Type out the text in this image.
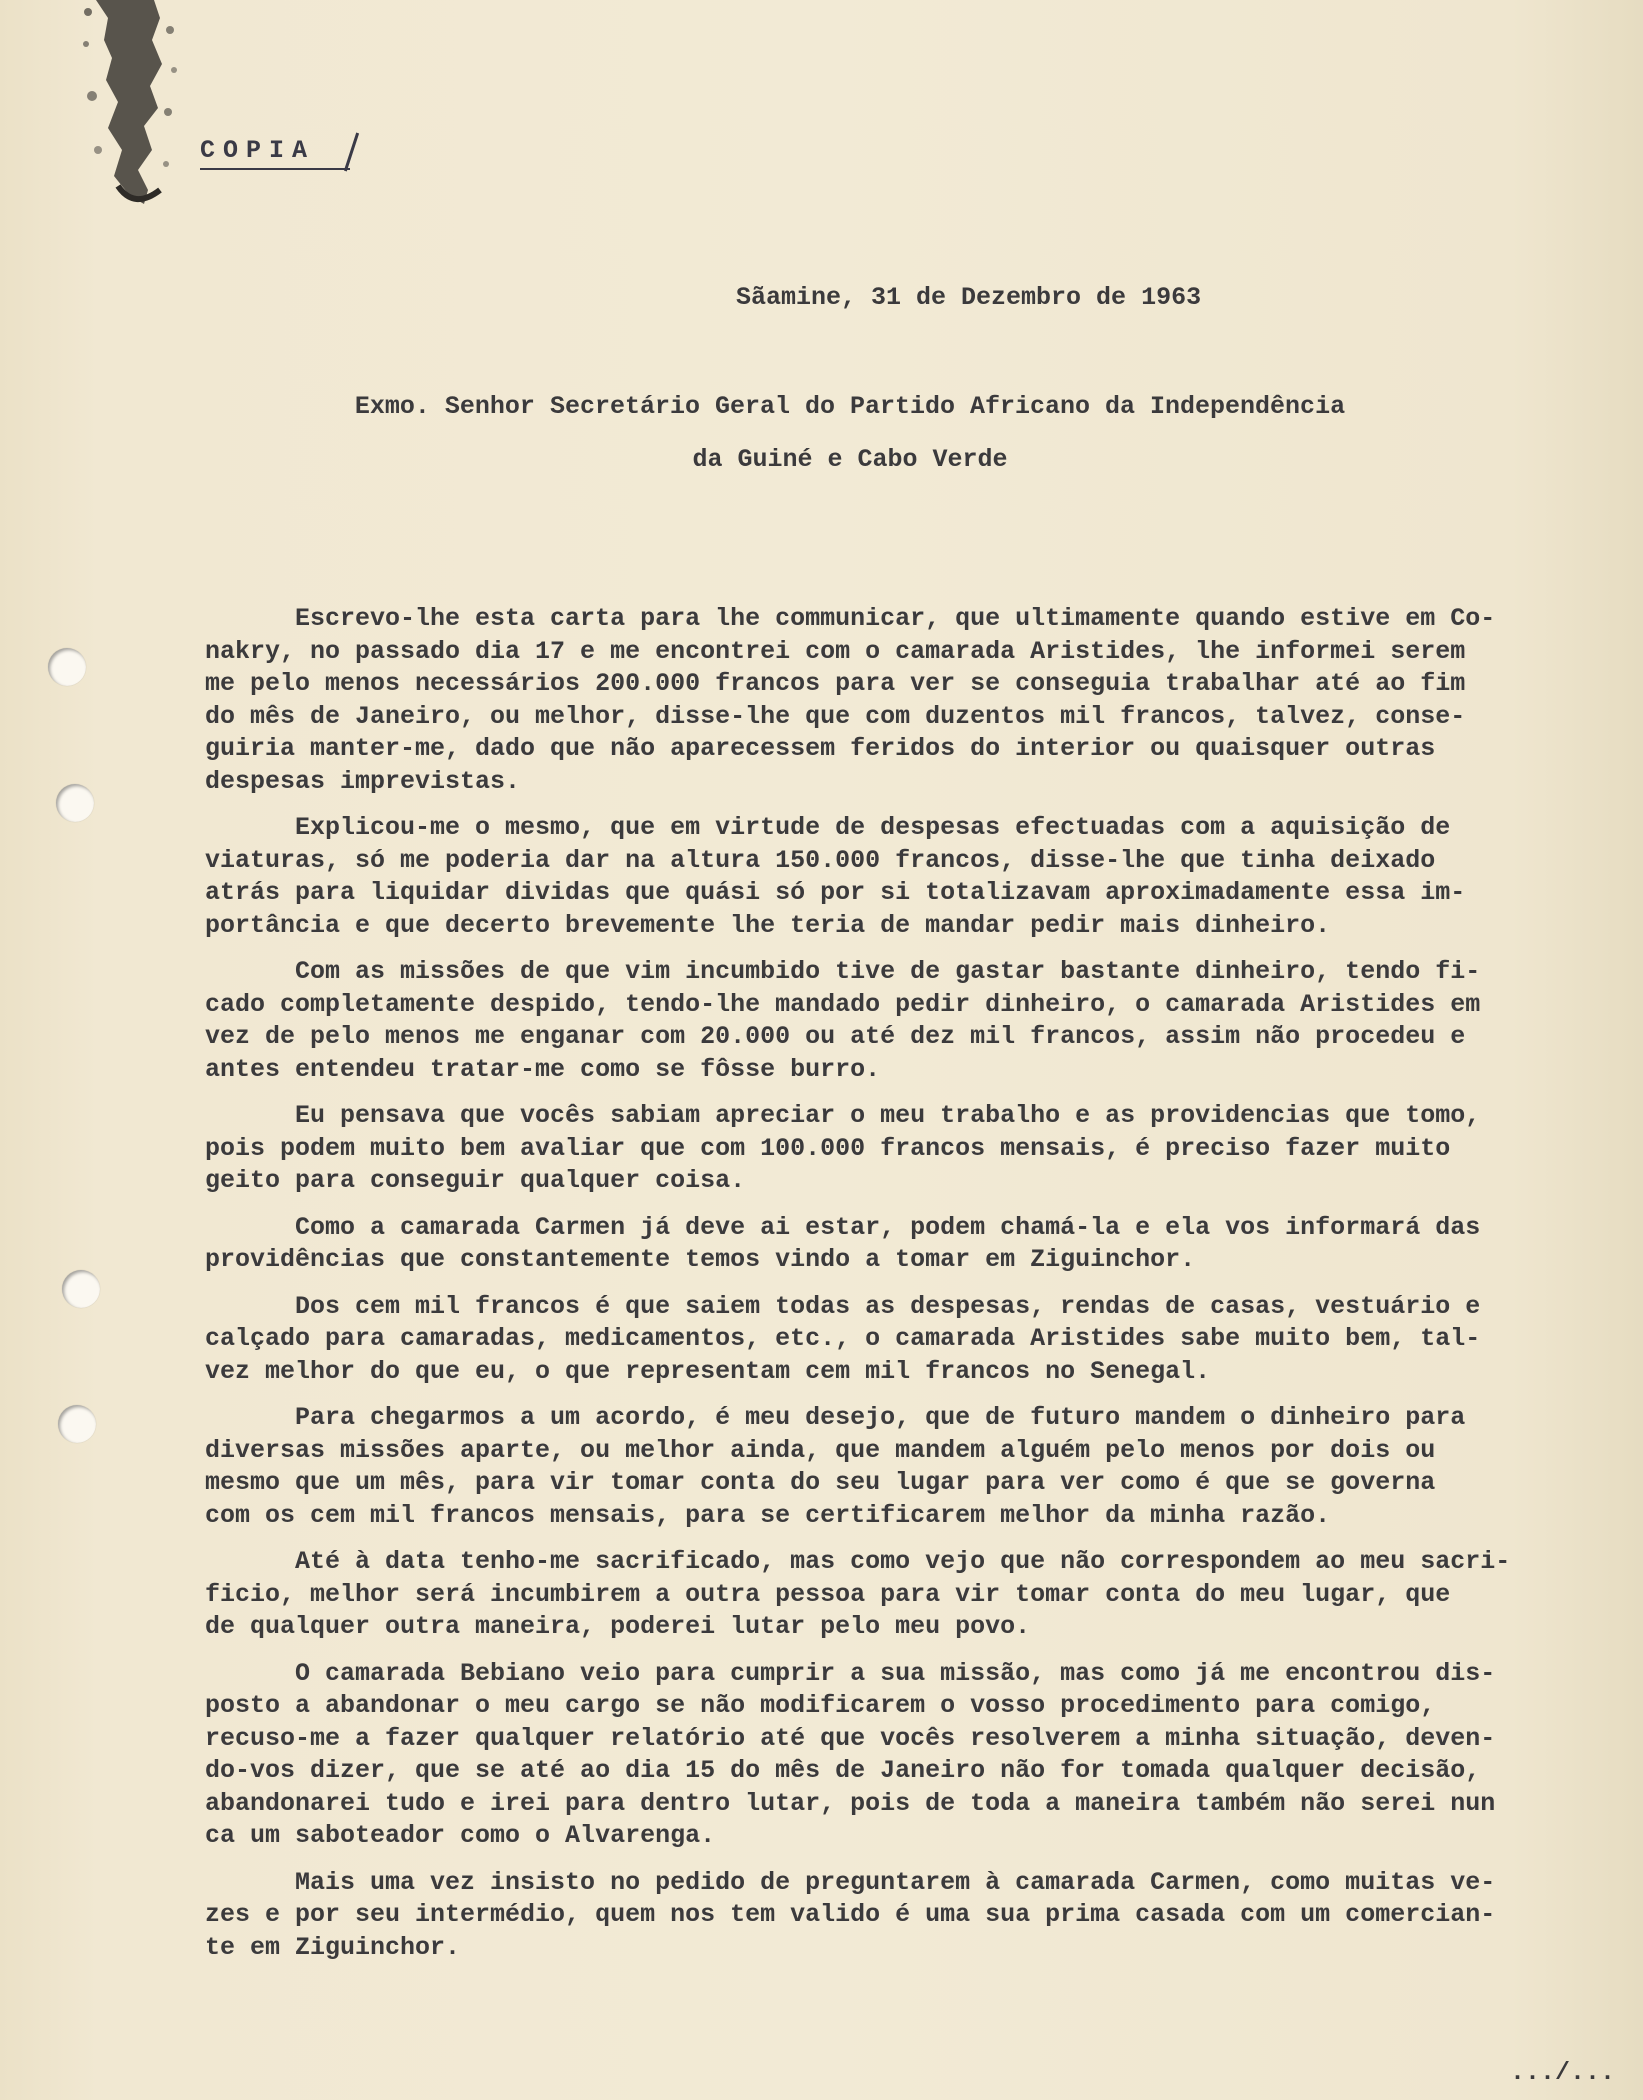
COPIA
Sãamine, 31 de Dezembro de 1963
Exmo. Senhor Secretário Geral do Partido Africano da Independência
da Guiné e Cabo Verde
Escrevo-lhe esta carta para lhe communicar, que ultimamente quando estive em Co-
nakry, no passado dia 17 e me encontrei com o camarada Aristides, lhe informei serem
me pelo menos necessários 200.000 francos para ver se conseguia trabalhar até ao fim
do mês de Janeiro, ou melhor, disse-lhe que com duzentos mil francos, talvez, conse-
guiria manter-me, dado que não aparecessem feridos do interior ou quaisquer outras
despesas imprevistas.
Explicou-me o mesmo, que em virtude de despesas efectuadas com a aquisição de
viaturas, só me poderia dar na altura 150.000 francos, disse-lhe que tinha deixado
atrás para liquidar dividas que quási só por si totalizavam aproximadamente essa im-
portância e que decerto brevemente lhe teria de mandar pedir mais dinheiro.
Com as missões de que vim incumbido tive de gastar bastante dinheiro, tendo fi-
cado completamente despido, tendo-lhe mandado pedir dinheiro, o camarada Aristides em
vez de pelo menos me enganar com 20.000 ou até dez mil francos, assim não procedeu e
antes entendeu tratar-me como se fôsse burro.
Eu pensava que vocês sabiam apreciar o meu trabalho e as providencias que tomo,
pois podem muito bem avaliar que com 100.000 francos mensais, é preciso fazer muito
geito para conseguir qualquer coisa.
Como a camarada Carmen já deve ai estar, podem chamá-la e ela vos informará das
providências que constantemente temos vindo a tomar em Ziguinchor.
Dos cem mil francos é que saiem todas as despesas, rendas de casas, vestuário e
calçado para camaradas, medicamentos, etc., o camarada Aristides sabe muito bem, tal-
vez melhor do que eu, o que representam cem mil francos no Senegal.
Para chegarmos a um acordo, é meu desejo, que de futuro mandem o dinheiro para
diversas missões aparte, ou melhor ainda, que mandem alguém pelo menos por dois ou
mesmo que um mês, para vir tomar conta do seu lugar para ver como é que se governa
com os cem mil francos mensais, para se certificarem melhor da minha razão.
Até à data tenho-me sacrificado, mas como vejo que não correspondem ao meu sacri-
ficio, melhor será incumbirem a outra pessoa para vir tomar conta do meu lugar, que
de qualquer outra maneira, poderei lutar pelo meu povo.
O camarada Bebiano veio para cumprir a sua missão, mas como já me encontrou dis-
posto a abandonar o meu cargo se não modificarem o vosso procedimento para comigo,
recuso-me a fazer qualquer relatório até que vocês resolverem a minha situação, deven-
do-vos dizer, que se até ao dia 15 do mês de Janeiro não for tomada qualquer decisão,
abandonarei tudo e irei para dentro lutar, pois de toda a maneira também não serei nun
ca um saboteador como o Alvarenga.
Mais uma vez insisto no pedido de preguntarem à camarada Carmen, como muitas ve-
zes e por seu intermédio, quem nos tem valido é uma sua prima casada com um comercian-
te em Ziguinchor.
.../...
